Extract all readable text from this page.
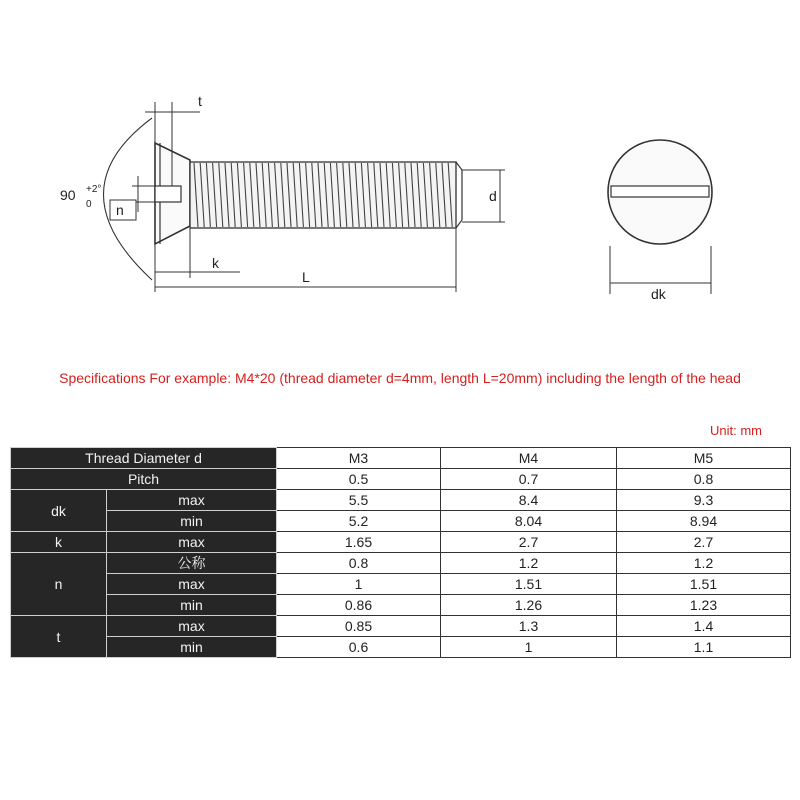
t
90 +2°
0 n
d
k
L
dk
Specifications For example: M4*20 (thread diameter d=4mm, length L=20mm) including the length of the head
Unit: mm
Thread Diameter d		M3	M4	M5
Pitch		0.5	0.7	0.8
dk	max	5.5	8.4	9.3
	min	5.2	8.04	8.94
k	max	1.65	2.7	2.7
n	公称	0.8	1.2	1.2
	max	1	1.51	1.51
	min	0.86	1.26	1.23
t	max	0.85	1.3	1.4
	min	0.6	1	1.1
